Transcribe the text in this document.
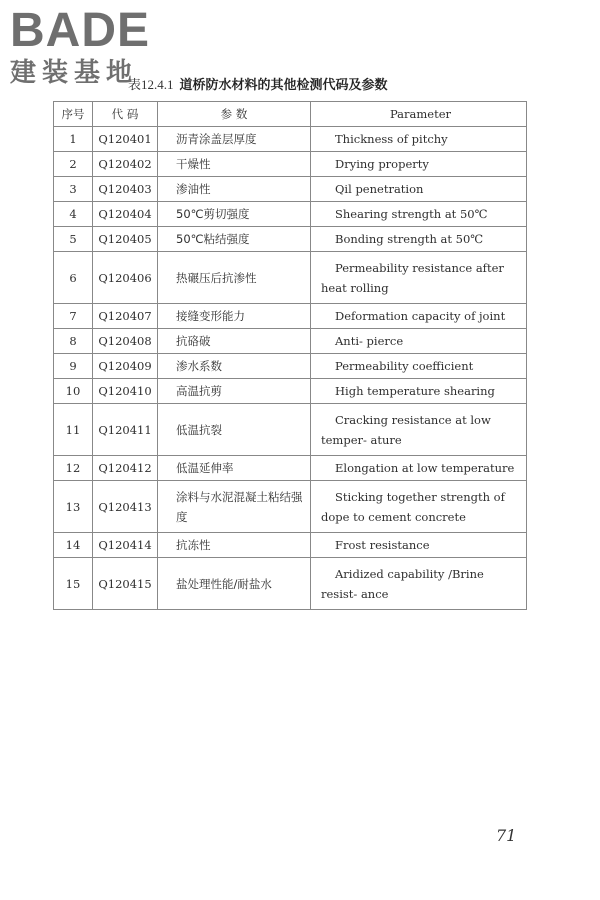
BADE
建装基地
表12.4.1 道桥防水材料的其他检测代码及参数
序号	代 码	参 数	Parameter
1	Q120401	沥青涂盖层厚度	Thickness of pitchy
2	Q120402	干燥性	Drying property
3	Q120403	渗油性	Qil penetration
4	Q120404	50℃剪切强度	Shearing strength at 50℃
5	Q120405	50℃粘结强度	Bonding strength at 50℃
6	Q120406	热碾压后抗渗性	Permeability resistance after heat rolling
7	Q120407	接缝变形能力	Deformation capacity of joint
8	Q120408	抗硌破	Anti- pierce
9	Q120409	渗水系数	Permeability coefficient
10	Q120410	高温抗剪	High temperature shearing
11	Q120411	低温抗裂	Cracking resistance at low temper- ature
12	Q120412	低温延伸率	Elongation at low temperature
13	Q120413	涂料与水泥混凝土粘结强度	Sticking together strength of dope to cement concrete
14	Q120414	抗冻性	Frost resistance
15	Q120415	盐处理性能/耐盐水	Aridized capability /Brine resist- ance
71
